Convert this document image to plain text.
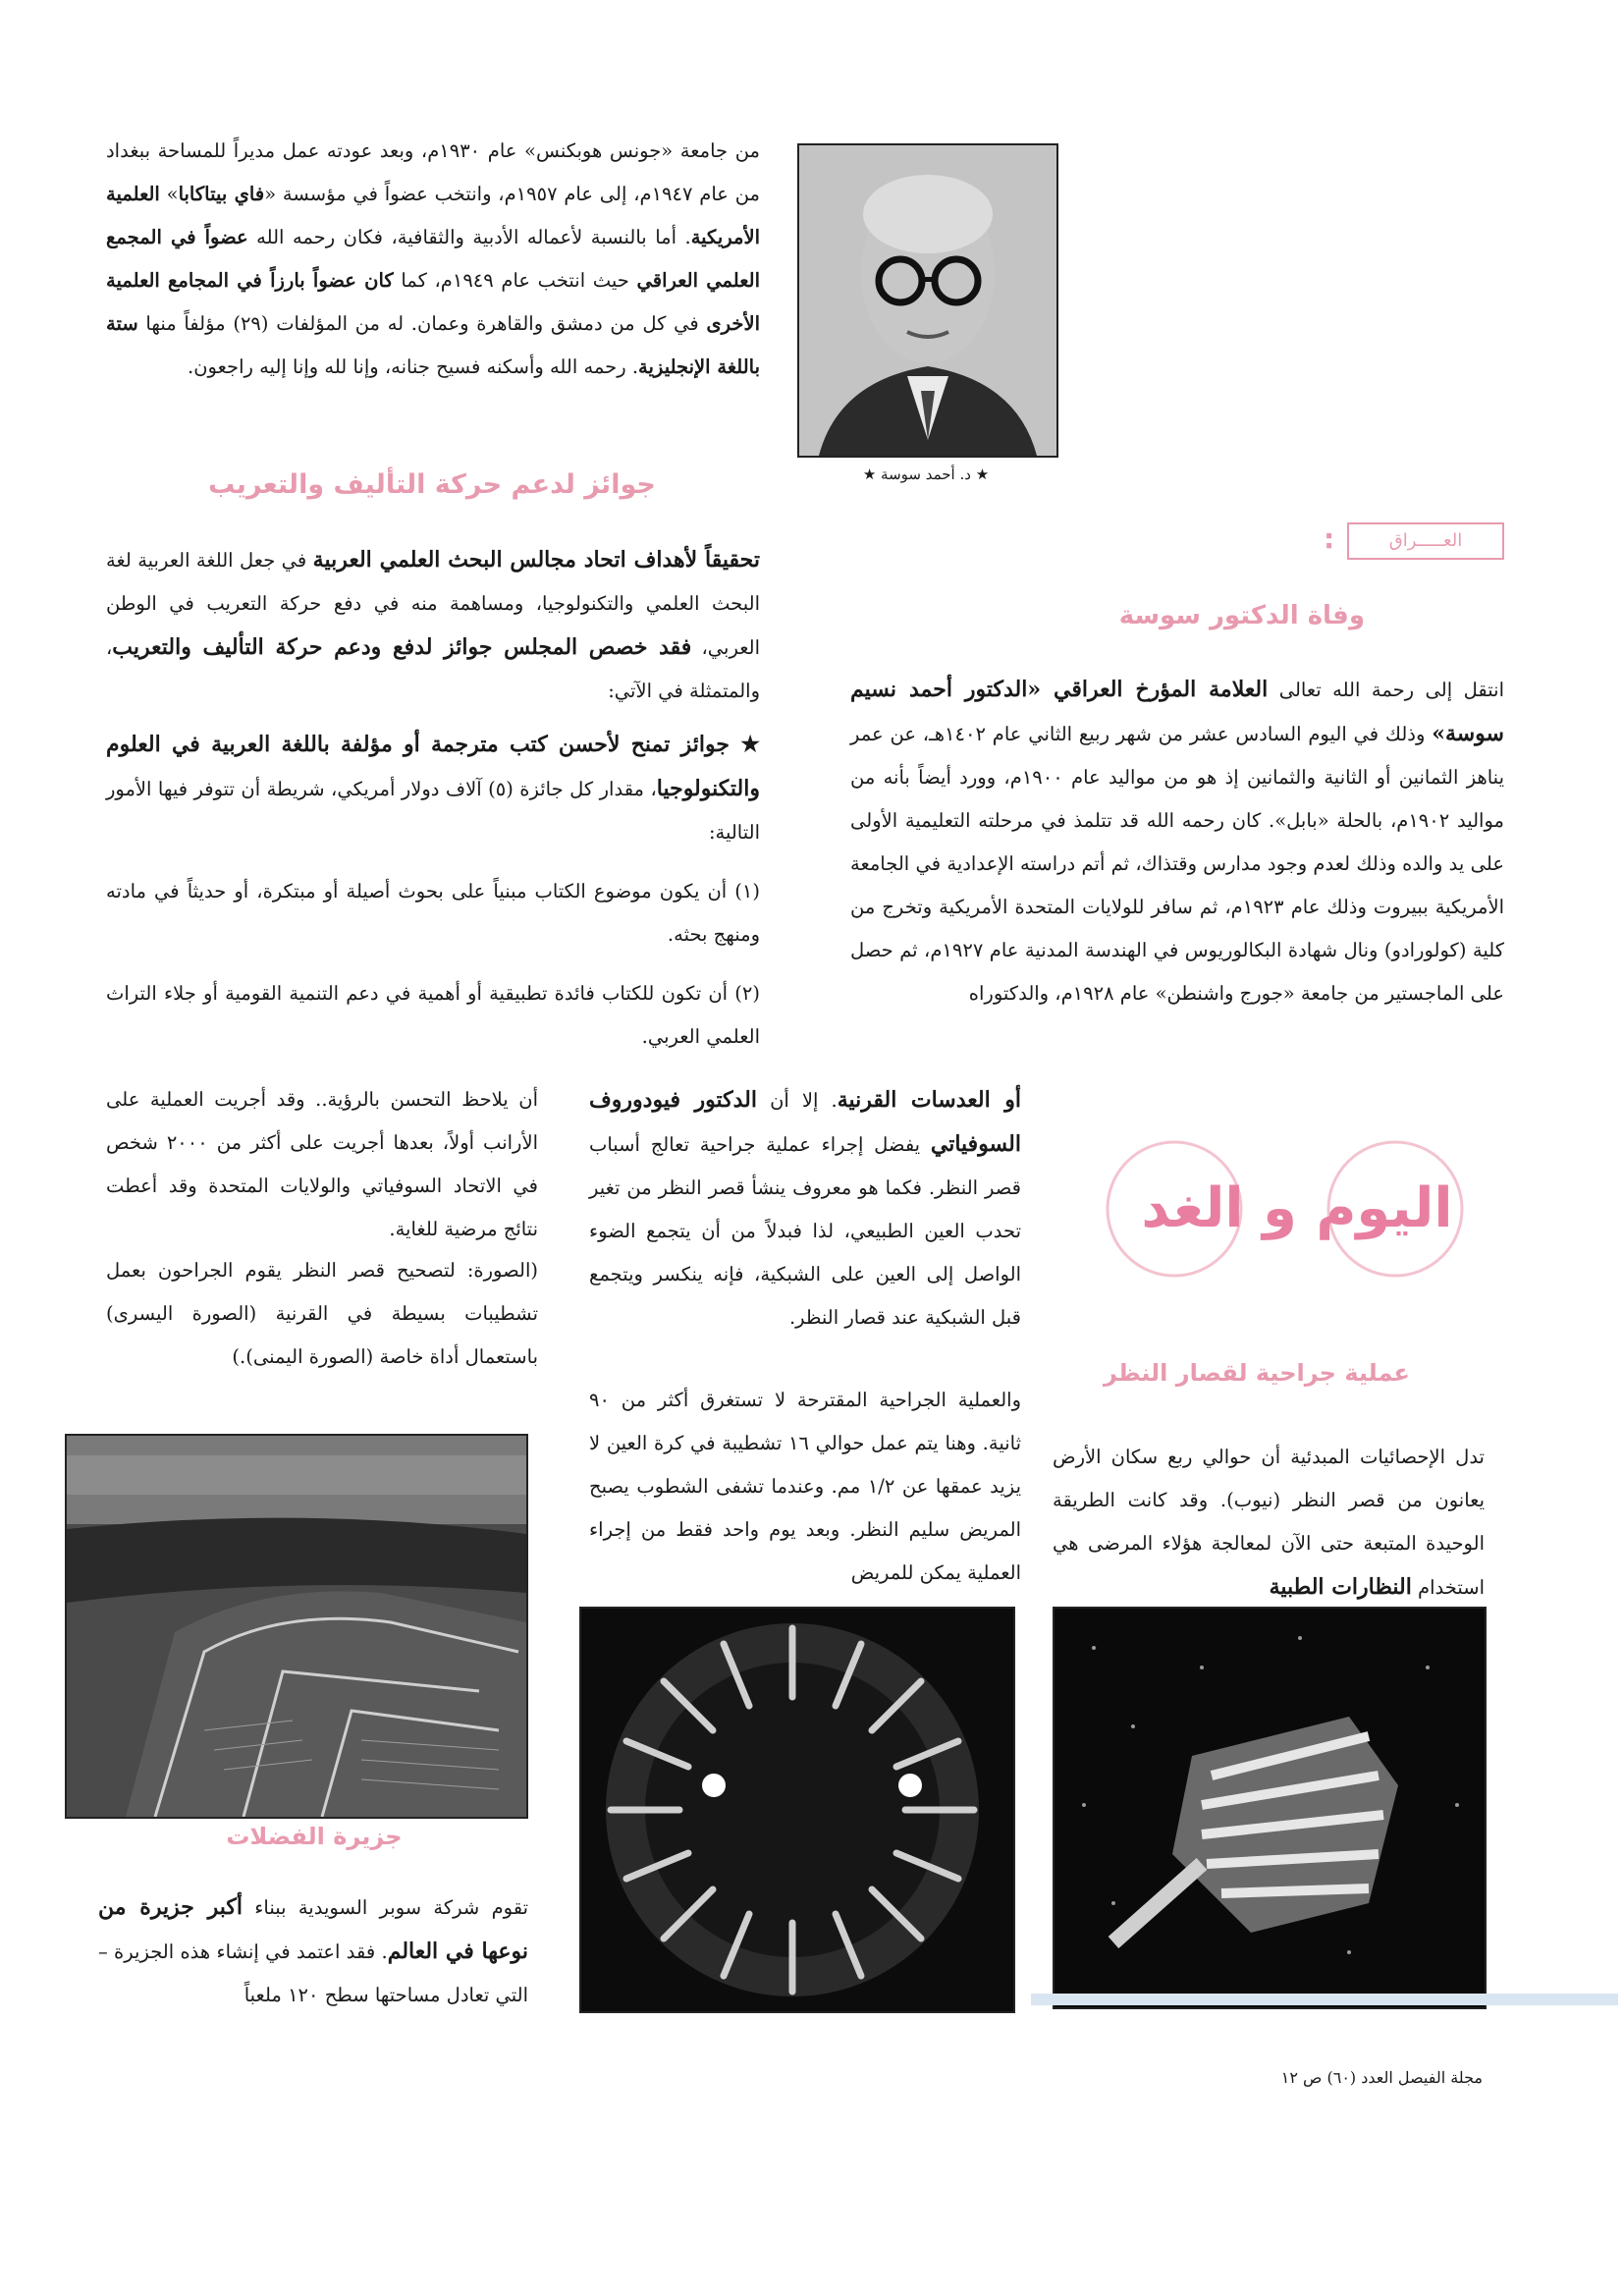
★ د. أحمد سوسة ★
من جامعة «جونس هوبكنس» عام ١٩٣٠م، وبعد عودته عمل مديراً للمساحة ببغداد من عام ١٩٤٧م، إلى عام ١٩٥٧م، وانتخب عضواً في مؤسسة «فاي بيتاكابا» العلمية الأمريكية. أما بالنسبة لأعماله الأدبية والثقافية، فكان رحمه الله عضواً في المجمع العلمي العراقي حيث انتخب عام ١٩٤٩م، كما كان عضواً بارزاً في المجامع العلمية الأخرى في كل من دمشق والقاهرة وعمان. له من المؤلفات (٢٩) مؤلفاً منها ستة باللغة الإنجليزية. رحمه الله وأسكنه فسيح جنانه، وإنا لله وإنا إليه راجعون.
جوائز لدعم حركة التأليف والتعريب
تحقيقاً لأهداف اتحاد مجالس البحث العلمي العربية في جعل اللغة العربية لغة البحث العلمي والتكنولوجيا، ومساهمة منه في دفع حركة التعريب في الوطن العربي، فقد خصص المجلس جوائز لدفع ودعم حركة التأليف والتعريب، والمتمثلة في الآتي:
★ جوائز تمنح لأحسن كتب مترجمة أو مؤلفة باللغة العربية في العلوم والتكنولوجيا، مقدار كل جائزة (٥) آلاف دولار أمريكي، شريطة أن تتوفر فيها الأمور التالية:
(١) أن يكون موضوع الكتاب مبنياً على بحوث أصيلة أو مبتكرة، أو حديثاً في مادته ومنهج بحثه.
(٢) أن تكون للكتاب فائدة تطبيقية أو أهمية في دعم التنمية القومية أو جلاء التراث العلمي العربي.
العـــــراق
:
وفاة الدكتور سوسة
انتقل إلى رحمة الله تعالى العلامة المؤرخ العراقي «الدكتور أحمد نسيم سوسة» وذلك في اليوم السادس عشر من شهر ربيع الثاني عام ١٤٠٢هـ، عن عمر يناهز الثمانين أو الثانية والثمانين إذ هو من مواليد عام ١٩٠٠م، وورد أيضاً بأنه من مواليد ١٩٠٢م، بالحلة «بابل». كان رحمه الله قد تتلمذ في مرحلته التعليمية الأولى على يد والده وذلك لعدم وجود مدارس وقتذاك، ثم أتم دراسته الإعدادية في الجامعة الأمريكية ببيروت وذلك عام ١٩٢٣م، ثم سافر للولايات المتحدة الأمريكية وتخرج من كلية (كولورادو) ونال شهادة البكالوريوس في الهندسة المدنية عام ١٩٢٧م، ثم حصل على الماجستير من جامعة «جورج واشنطن» عام ١٩٢٨م، والدكتوراه
اليوم و الغد
عملية جراحية لقصار النظر
تدل الإحصائيات المبدئية أن حوالي ربع سكان الأرض يعانون من قصر النظر (نيوب). وقد كانت الطريقة الوحيدة المتبعة حتى الآن لمعالجة هؤلاء المرضى هي استخدام النظارات الطبية
أو العدسات القرنية. إلا أن الدكتور فيودوروف السوفياتي يفضل إجراء عملية جراحية تعالج أسباب قصر النظر. فكما هو معروف ينشأ قصر النظر من تغير تحدب العين الطبيعي، لذا فبدلاً من أن يتجمع الضوء الواصل إلى العين على الشبكية، فإنه ينكسر ويتجمع قبل الشبكية عند قصار النظر.
والعملية الجراحية المقترحة لا تستغرق أكثر من ٩٠ ثانية. وهنا يتم عمل حوالي ١٦ تشطيبة في كرة العين لا يزيد عمقها عن ١/٢ مم. وعندما تشفى الشطوب يصبح المريض سليم النظر. وبعد يوم واحد فقط من إجراء العملية يمكن للمريض
أن يلاحظ التحسن بالرؤية.. وقد أجريت العملية على الأرانب أولاً، بعدها أجريت على أكثر من ٢٠٠٠ شخص في الاتحاد السوفياتي والولايات المتحدة وقد أعطت نتائج مرضية للغاية.
(الصورة: لتصحيح قصر النظر يقوم الجراحون بعمل تشطيبات بسيطة في القرنية (الصورة اليسرى) باستعمال أداة خاصة (الصورة اليمنى).)
جزيرة الفضلات
تقوم شركة سوبر السويدية ببناء أكبر جزيرة من نوعها في العالم. فقد اعتمد في إنشاء هذه الجزيرة – التي تعادل مساحتها سطح ١٢٠ ملعباً
مجلة الفيصل العدد (٦٠) ص ١٢
